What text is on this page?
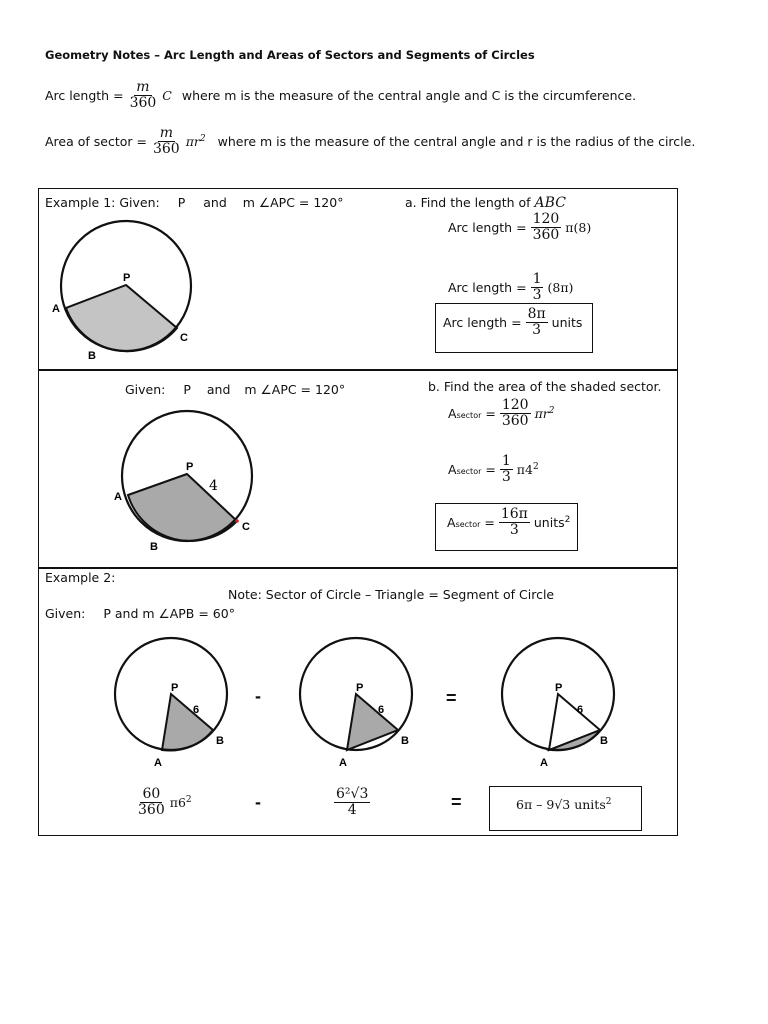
Geometry Notes – Arc Length and Areas of Sectors and Segments of Circles
Arc length = $\frac{m}{360}$ C where m is the measure of the central angle and C is the circumference.
Area of sector = $\frac{m}{360} \pi r^2$ where m is the measure of the central angle and r is the radius of the circle.
Example 1: Given: P and m ∠APC = 120°	a. Find the length of ABC
P
A
B
C
Arc length = $\frac{120}{360} \pi(8)$
Arc length = $\frac{1}{3} (8\pi)$
Arc length = $\frac{8\pi}{3}$ units
Given: P and m ∠APC = 120°	b. Find the area of the shaded sector.
P
A
B
C
4
Asector = $\frac{120}{360} \pi r^2$
Asector = $\frac{1}{3} \pi 4^2$
Asector = $\frac{16\pi}{3}$ units$^2$
Example 2:
Note: Sector of Circle – Triangle = Segment of Circle
Given: P and m ∠APB = 60°
P
6
B
A
-	P
6
B
A
=	P
6
B
A
$\frac{60}{360} \pi 6^2$	-	$\frac{\text{6²√3}}{4}$	=	6π – 9√3 units$^2$
